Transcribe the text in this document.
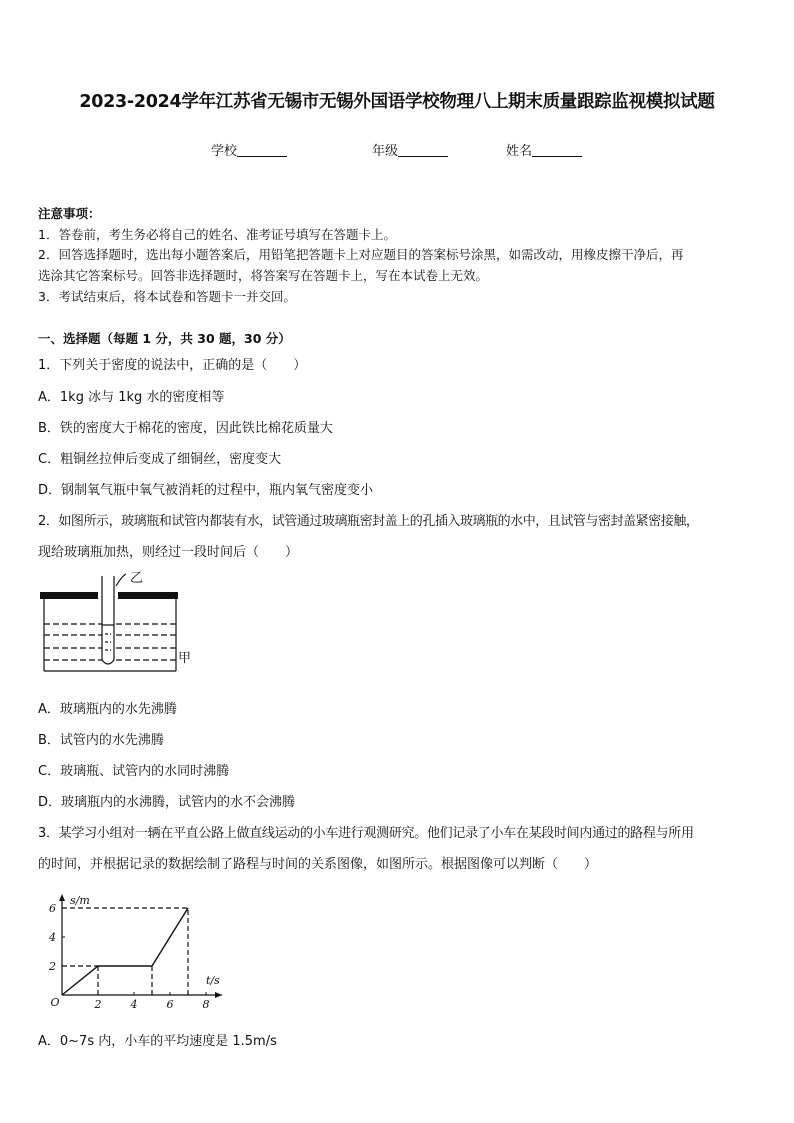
2023-2024学年江苏省无锡市无锡外国语学校物理八上期末质量跟踪监视模拟试题
学校	年级	姓名
注意事项：
1．答卷前，考生务必将自己的姓名、准考证号填写在答题卡上。
2．回答选择题时，选出每小题答案后，用铅笔把答题卡上对应题目的答案标号涂黑，如需改动，用橡皮擦干净后，再
选涂其它答案标号。回答非选择题时，将答案写在答题卡上，写在本试卷上无效。
3．考试结束后，将本试卷和答题卡一并交回。
一、选择题（每题 1 分，共 30 题，30 分）
1．下列关于密度的说法中，正确的是（　　）
A．1kg 冰与 1kg 水的密度相等
B．铁的密度大于棉花的密度，因此铁比棉花质量大
C．粗铜丝拉伸后变成了细铜丝，密度变大
D．钢制氧气瓶中氧气被消耗的过程中，瓶内氧气密度变小
2．如图所示，玻璃瓶和试管内都装有水，试管通过玻璃瓶密封盖上的孔插入玻璃瓶的水中，且试管与密封盖紧密接触，
现给玻璃瓶加热，则经过一段时间后（　　）
乙
甲
A．玻璃瓶内的水先沸腾
B．试管内的水先沸腾
C．玻璃瓶、试管内的水同时沸腾
D．玻璃瓶内的水沸腾，试管内的水不会沸腾
3．某学习小组对一辆在平直公路上做直线运动的小车进行观测研究。他们记录了小车在某段时间内通过的路程与所用
的时间，并根据记录的数据绘制了路程与时间的关系图像，如图所示。根据图像可以判断（　　）
2	4	6	8
2
4
6
s/m
t/s
O
A．0~7s 内，小车的平均速度是 1.5m/s
